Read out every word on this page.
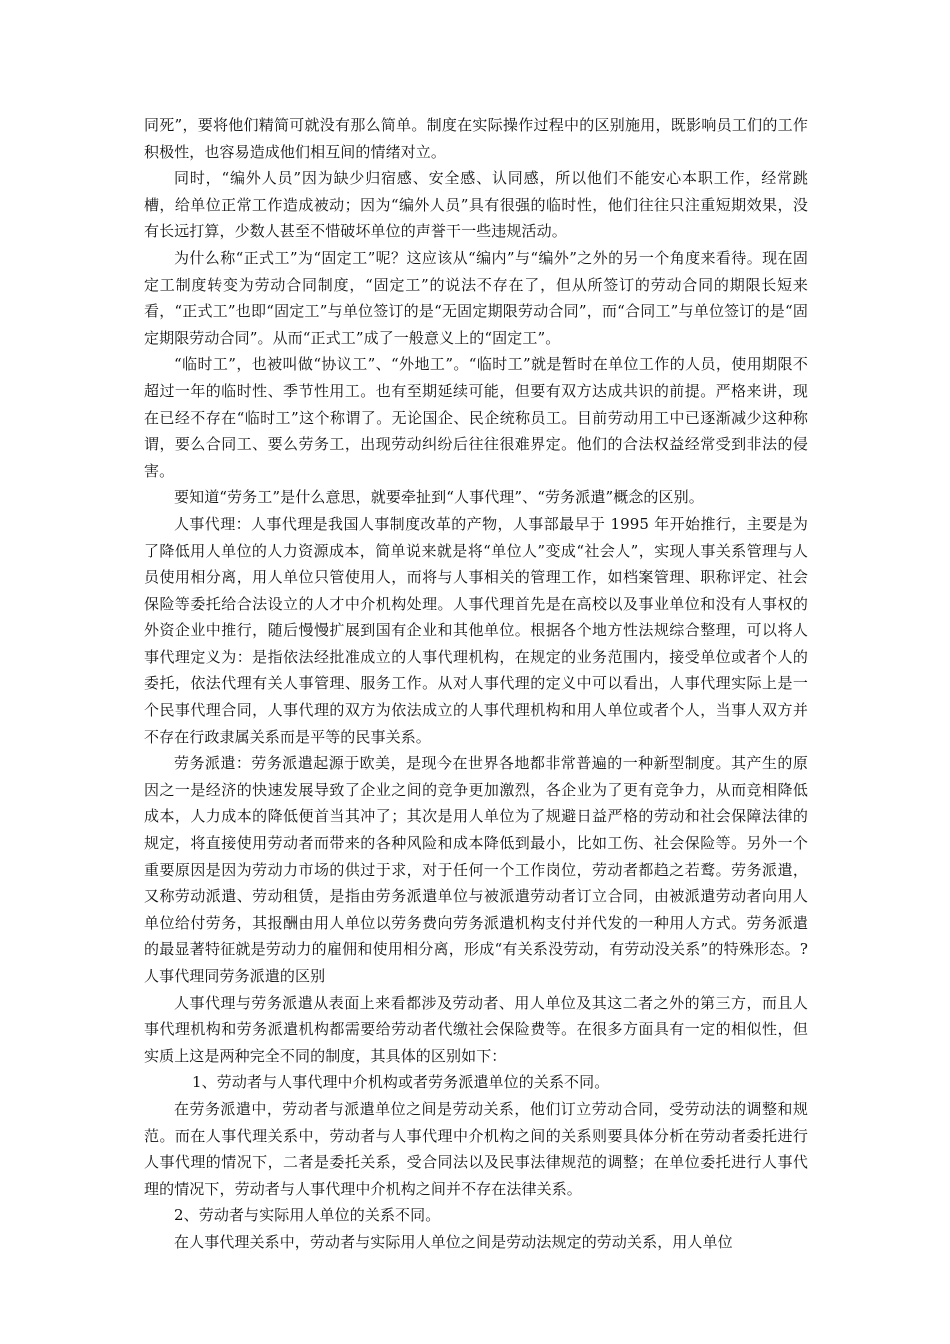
同死”，要将他们精简可就没有那么简单。制度在实际操作过程中的区别施用，既影响员工们的工作积极性，也容易造成他们相互间的情绪对立。

同时，“编外人员”因为缺少归宿感、安全感、认同感，所以他们不能安心本职工作，经常跳槽，给单位正常工作造成被动；因为“编外人员”具有很强的临时性，他们往往只注重短期效果，没有长远打算，少数人甚至不惜破坏单位的声誉干一些违规活动。

为什么称“正式工”为“固定工”呢？这应该从“编内”与“编外”之外的另一个角度来看待。现在固定工制度转变为劳动合同制度，“固定工”的说法不存在了，但从所签订的劳动合同的期限长短来看，“正式工”也即“固定工”与单位签订的是“无固定期限劳动合同”，而“合同工”与单位签订的是“固定期限劳动合同”。从而“正式工”成了一般意义上的“固定工”。

“临时工”，也被叫做“协议工”、“外地工”。“临时工”就是暂时在单位工作的人员，使用期限不超过一年的临时性、季节性用工。也有至期延续可能，但要有双方达成共识的前提。严格来讲，现在已经不存在“临时工”这个称谓了。无论国企、民企统称员工。目前劳动用工中已逐渐减少这种称谓，要么合同工、要么劳务工，出现劳动纠纷后往往很难界定。他们的合法权益经常受到非法的侵害。

要知道“劳务工”是什么意思，就要牵扯到“人事代理”、“劳务派遣”概念的区别。

人事代理：人事代理是我国人事制度改革的产物，人事部最早于 1995 年开始推行，主要是为了降低用人单位的人力资源成本，简单说来就是将“单位人”变成“社会人”，实现人事关系管理与人员使用相分离，用人单位只管使用人，而将与人事相关的管理工作，如档案管理、职称评定、社会保险等委托给合法设立的人才中介机构处理。人事代理首先是在高校以及事业单位和没有人事权的外资企业中推行，随后慢慢扩展到国有企业和其他单位。根据各个地方性法规综合整理，可以将人事代理定义为：是指依法经批准成立的人事代理机构，在规定的业务范围内，接受单位或者个人的委托，依法代理有关人事管理、服务工作。从对人事代理的定义中可以看出，人事代理实际上是一个民事代理合同，人事代理的双方为依法成立的人事代理机构和用人单位或者个人，当事人双方并不存在行政隶属关系而是平等的民事关系。

劳务派遣：劳务派遣起源于欧美，是现今在世界各地都非常普遍的一种新型制度。其产生的原因之一是经济的快速发展导致了企业之间的竞争更加激烈，各企业为了更有竞争力，从而竞相降低成本，人力成本的降低便首当其冲了；其次是用人单位为了规避日益严格的劳动和社会保障法律的规定，将直接使用劳动者而带来的各种风险和成本降低到最小，比如工伤、社会保险等。另外一个重要原因是因为劳动力市场的供过于求，对于任何一个工作岗位，劳动者都趋之若鹜。劳务派遣，又称劳动派遣、劳动租赁，是指由劳务派遣单位与被派遣劳动者订立合同，由被派遣劳动者向用人单位给付劳务，其报酬由用人单位以劳务费向劳务派遣机构支付并代发的一种用人方式。劳务派遣的最显著特征就是劳动力的雇佣和使用相分离，形成“有关系没劳动，有劳动没关系”的特殊形态。?人事代理同劳务派遣的区别

人事代理与劳务派遣从表面上来看都涉及劳动者、用人单位及其这二者之外的第三方，而且人事代理机构和劳务派遣机构都需要给劳动者代缴社会保险费等。在很多方面具有一定的相似性，但实质上这是两种完全不同的制度，其具体的区别如下：

1、劳动者与人事代理中介机构或者劳务派遣单位的关系不同。

在劳务派遣中，劳动者与派遣单位之间是劳动关系，他们订立劳动合同，受劳动法的调整和规范。而在人事代理关系中，劳动者与人事代理中介机构之间的关系则要具体分析在劳动者委托进行人事代理的情况下，二者是委托关系，受合同法以及民事法律规范的调整；在单位委托进行人事代理的情况下，劳动者与人事代理中介机构之间并不存在法律关系。

2、劳动者与实际用人单位的关系不同。

在人事代理关系中，劳动者与实际用人单位之间是劳动法规定的劳动关系，用人单位
